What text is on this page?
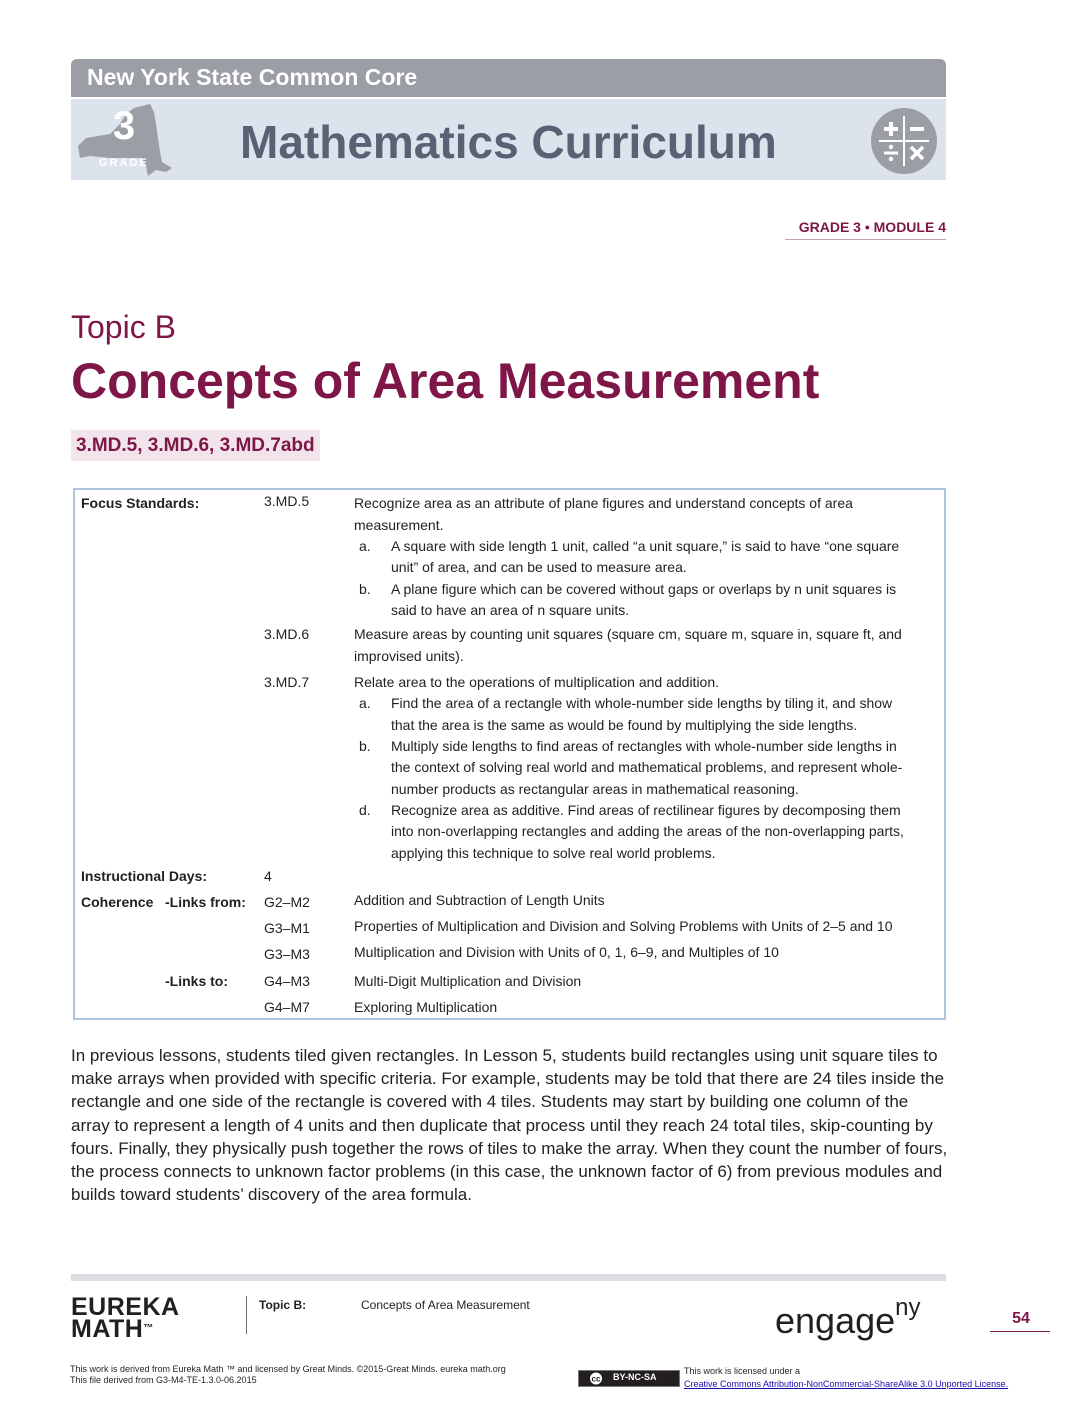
New York State Common Core
3
GRADE Mathematics Curriculum
GRADE 3 • MODULE 4
Topic B
Concepts of Area Measurement
3.MD.5, 3.MD.6, 3.MD.7abd
Focus Standards:	3.MD.5	Recognize area as an attribute of plane figures and understand concepts of area
measurement.
a. A square with side length 1 unit, called “a unit square,” is said to have “one square
unit” of area, and can be used to measure area.
b. A plane figure which can be covered without gaps or overlaps by n unit squares is
said to have an area of n square units.
3.MD.6	Measure areas by counting unit squares (square cm, square m, square in, square ft, and
improvised units).
3.MD.7	Relate area to the operations of multiplication and addition.
a. Find the area of a rectangle with whole-number side lengths by tiling it, and show
that the area is the same as would be found by multiplying the side lengths.
b. Multiply side lengths to find areas of rectangles with whole-number side lengths in
the context of solving real world and mathematical problems, and represent whole-
number products as rectangular areas in mathematical reasoning.
d. Recognize area as additive. Find areas of rectilinear figures by decomposing them
into non-overlapping rectangles and adding the areas of the non-overlapping parts,
applying this technique to solve real world problems.
Instructional Days:	4
Coherence -Links from: G2–M2	Addition and Subtraction of Length Units
G3–M1	Properties of Multiplication and Division and Solving Problems with Units of 2–5 and 10
G3–M3	Multiplication and Division with Units of 0, 1, 6–9, and Multiples of 10
-Links to:	G4–M3	Multi-Digit Multiplication and Division
G4–M7	Exploring Multiplication
In previous lessons, students tiled given rectangles. In Lesson 5, students build rectangles using unit square tiles to make arrays when provided with specific criteria. For example, students may be told that there are 24 tiles inside the rectangle and one side of the rectangle is covered with 4 tiles. Students may start by building one column of the array to represent a length of 4 units and then duplicate that process until they reach 24 total tiles, skip-counting by fours. Finally, they physically push together the rows of tiles to make the array. When they count the number of fours, the process connects to unknown factor problems (in this case, the unknown factor of 6) from previous modules and builds toward students’ discovery of the area formula.
EUREKA
MATH™
Topic B:	Concepts of Area Measurement	engage$^{ny}$	54
This work is derived from Eureka Math ™ and licensed by Great Minds. ©2015-Great Minds. eureka math.org
This file derived from G3-M4-TE-1.3.0-06.2015	cc BY-NC-SA
This work is licensed under a
Creative Commons Attribution-NonCommercial-ShareAlike 3.0 Unported License.
